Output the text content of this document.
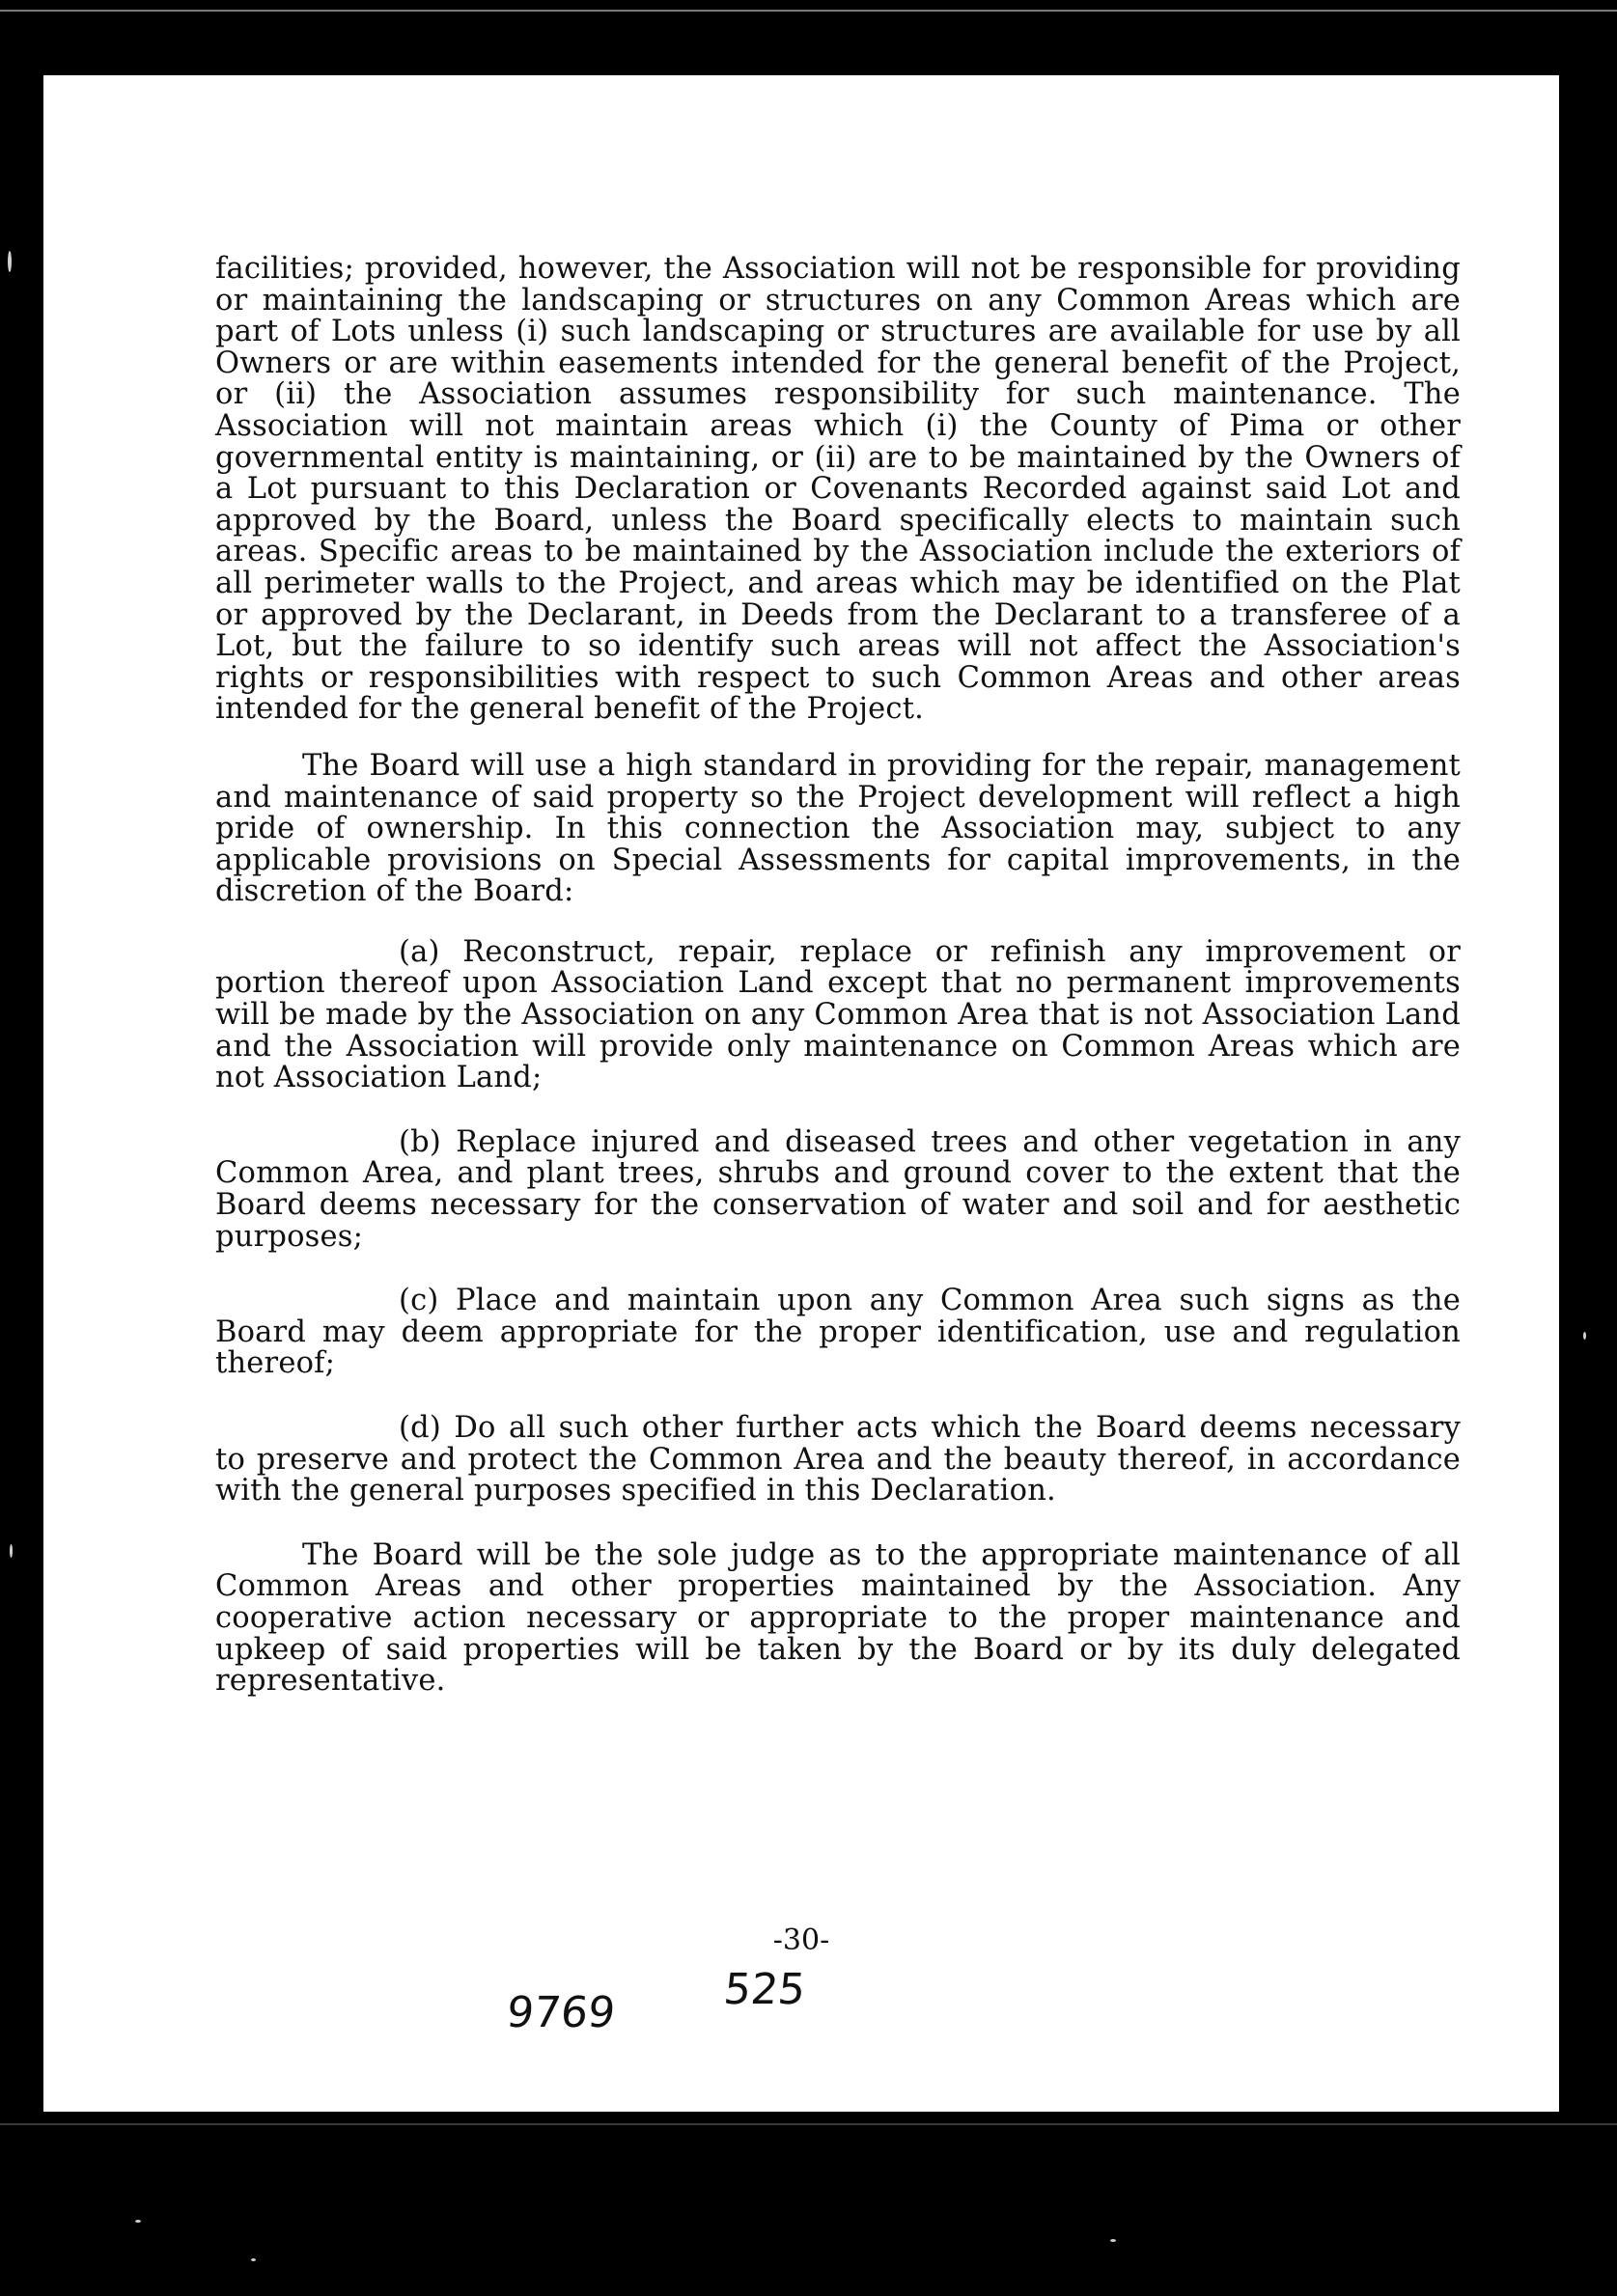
facilities; provided, however, the Association will not be responsible for providing or maintaining the landscaping or structures on any Common Areas which are part of Lots unless (i) such landscaping or structures are available for use by all Owners or are within easements intended for the general benefit of the Project, or (ii) the Association assumes responsibility for such maintenance. The Association will not maintain areas which (i) the County of Pima or other governmental entity is maintaining, or (ii) are to be maintained by the Owners of a Lot pursuant to this Declaration or Covenants Recorded against said Lot and approved by the Board, unless the Board specifically elects to maintain such areas. Specific areas to be maintained by the Association include the exteriors of all perimeter walls to the Project, and areas which may be identified on the Plat or approved by the Declarant, in Deeds from the Declarant to a transferee of a Lot, but the failure to so identify such areas will not affect the Association's rights or responsibilities with respect to such Common Areas and other areas intended for the general benefit of the Project.

The Board will use a high standard in providing for the repair, management and maintenance of said property so the Project development will reflect a high pride of ownership. In this connection the Association may, subject to any applicable provisions on Special Assessments for capital improvements, in the discretion of the Board:

(a) Reconstruct, repair, replace or refinish any improvement or portion thereof upon Association Land except that no permanent improvements will be made by the Association on any Common Area that is not Association Land and the Association will provide only maintenance on Common Areas which are not Association Land;

(b) Replace injured and diseased trees and other vegetation in any Common Area, and plant trees, shrubs and ground cover to the extent that the Board deems necessary for the conservation of water and soil and for aesthetic purposes;

(c) Place and maintain upon any Common Area such signs as the Board may deem appropriate for the proper identification, use and regulation thereof;

(d) Do all such other further acts which the Board deems necessary to preserve and protect the Common Area and the beauty thereof, in accordance with the general purposes specified in this Declaration.

The Board will be the sole judge as to the appropriate maintenance of all Common Areas and other properties maintained by the Association. Any cooperative action necessary or appropriate to the proper maintenance and upkeep of said properties will be taken by the Board or by its duly delegated representative.

-30-
9769 525
